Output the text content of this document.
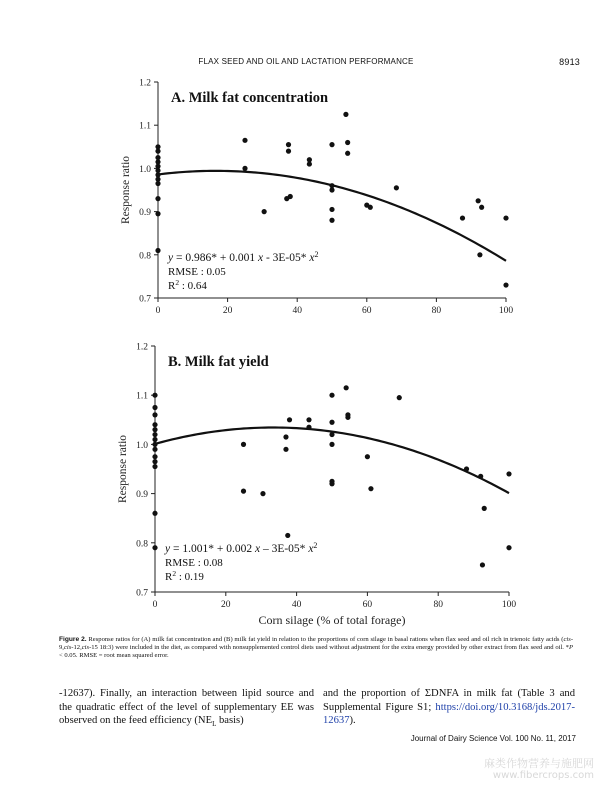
FLAX SEED AND OIL AND LACTATION PERFORMANCE	8913
0.7
0.8
0.9
1.0
1.1
1.2
0	20	40	60	80	100
Response ratio
A. Milk fat concentration
y = 0.986* + 0.001 x - 3E-05* $x^2$
RMSE : 0.05
$R^2$ : 0.64
0.7
0.8
0.9
1.0
1.1
1.2
0	20	40	60	80	100
Response ratio
Corn silage (% of total forage)
B. Milk fat yield
y = 1.001* + 0.002 x – 3E-05* $x^2$
RMSE : 0.08
$R^2$ : 0.19
Figure 2. Response ratios for (A) milk fat concentration and (B) milk fat yield in relation to the proportions of corn silage in basal rations when flax seed and oil rich in trienoic fatty acids (cis-9,cis-12,cis-15 18:3) were included in the diet, as compared with nonsupplemented control diets used without adjustment for the extra energy provided by other extract from flax seed and oil. *P < 0.05. RMSE = root mean squared error.
-12637). Finally, an interaction between lipid source and the quadratic effect of the level of supplementary EE was observed on the feed efficiency ($NE_L$ basis)
and the proportion of ΣDNFA in milk fat (Table 3 and Supplemental Figure S1; https://doi.org/10.3168/jds.2017-12637).
Journal of Dairy Science Vol. 100 No. 11, 2017
麻类作物营养与施肥网
www.fibercrops.com
